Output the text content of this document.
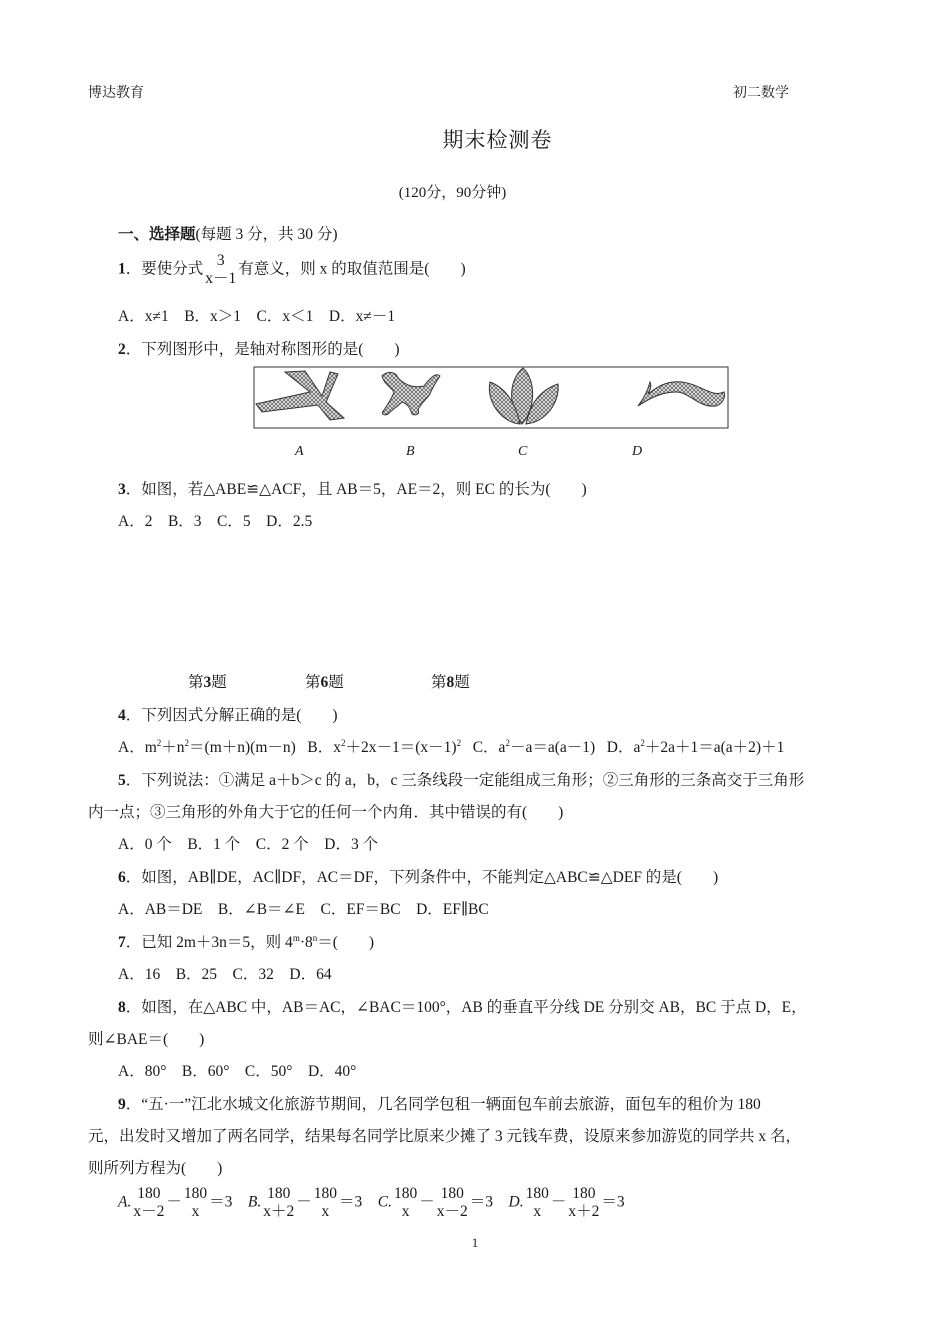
博达教育	初二数学
期末检测卷
(120分，90分钟)
一、选择题(每题 3 分，共 30 分)
1．要使分式 3
x－1
有意义，则 x 的取值范围是(　　)
A．x≠1　B．x＞1　C．x＜1　D．x≠－1
2．下列图形中，是轴对称图形的是(　　)
A	B	C	D
3．如图，若△ABE≌△ACF，且 AB＝5，AE＝2，则 EC 的长为(　　)
A．2　B．3　C．5　D．2.5
第3题	第6题	第8题
4．下列因式分解正确的是(　　)
A．$m^2+n^2=(m+n)(m-n)$ B．$x^2+2x-1=(x-1)^2$ C．$a^2-a=a(a-1)$ D．$a^2+2a+1=a(a+2)+1$
5．下列说法：①满足 a＋b＞c 的 a，b，c 三条线段一定能组成三角形；②三角形的三条高交于三角形
内一点；③三角形的外角大于它的任何一个内角．其中错误的有(　　)
A．0 个　B．1 个　C．2 个　D．3 个
6．如图，AB∥DE，AC∥DF，AC＝DF，下列条件中，不能判定△ABC≌△DEF 的是(　　)
A．AB＝DE　B．∠B＝∠E　C．EF＝BC　D．EF∥BC
7．已知 2m＋3n＝5，则 $4^m\cdot 8^n=$(　　)
A．16　B．25　C．32　D．64
8．如图，在△ABC 中，AB＝AC，∠BAC＝100°，AB 的垂直平分线 DE 分别交 AB，BC 于点 D，E，
则∠BAE＝(　　)
A．80°　B．60°　C．50°　D．40°
9．“五·一”江北水城文化旅游节期间，几名同学包租一辆面包车前去旅游，面包车的租价为 180
元，出发时又增加了两名同学，结果每名同学比原来少摊了 3 元钱车费，设原来参加游览的同学共 x 名，
则所列方程为(　　)
A. 180
x－2
－ 180
x
＝3 B. 180
x＋2
－ 180
x
＝3 C. 180
x
－ 180
x－2
＝3 D. 180
x
－ 180
x＋2
＝3
1
